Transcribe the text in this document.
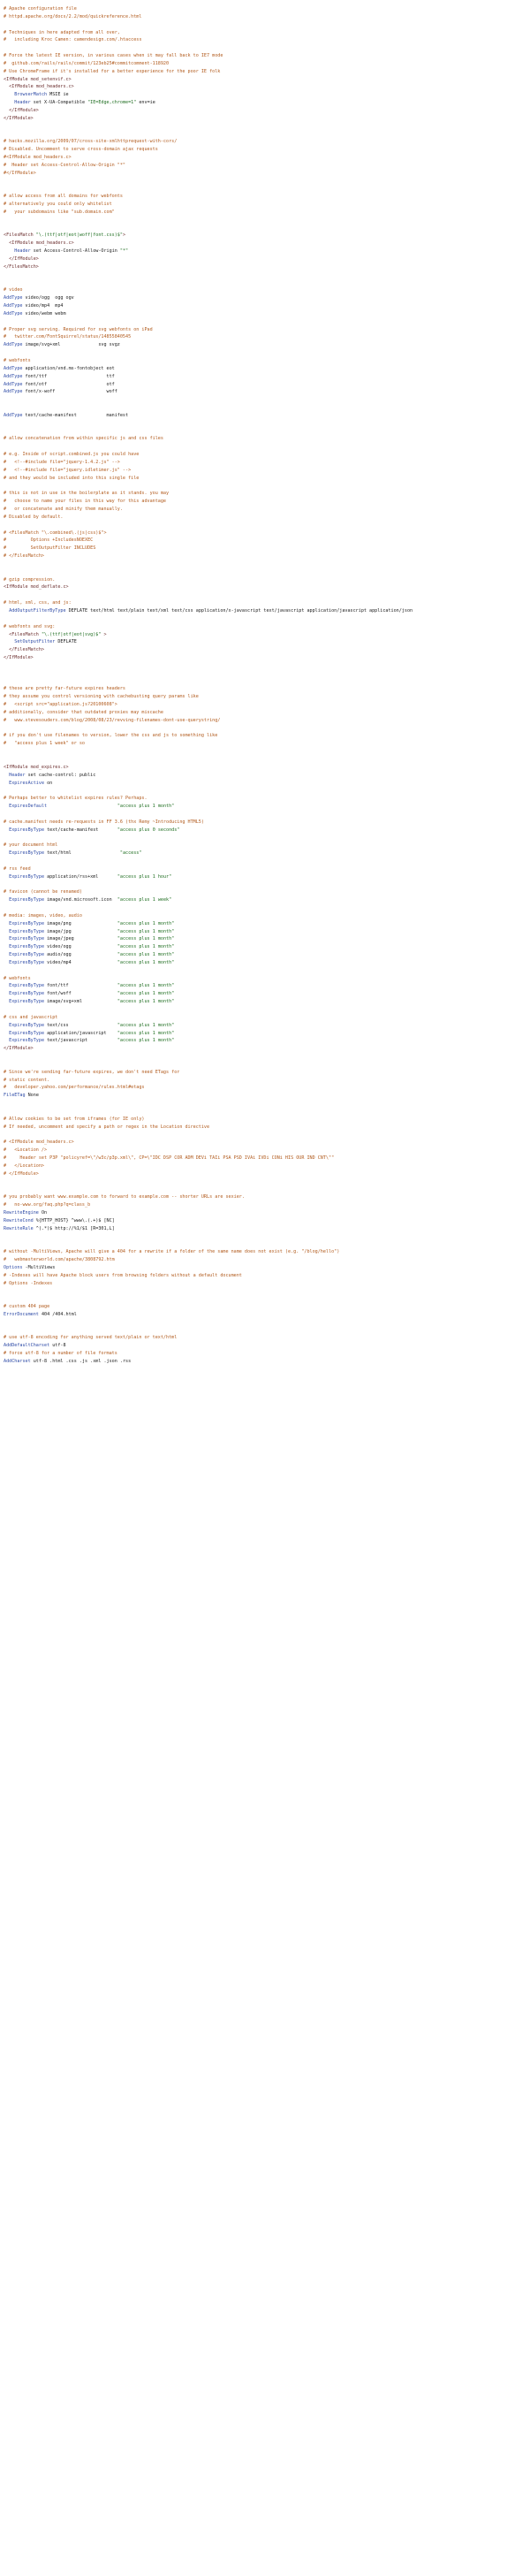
# Apache configuration file
# httpd.apache.org/docs/2.2/mod/quickreference.html
# Techniques in here adapted from all over,
#   including Kroc Camen: camendesign.com/.htaccess
# Force the latest IE version, in various cases when it may fall back to IE7 mode
#  github.com/rails/rails/commit/123eb25#commitcomment-118920
# Use ChromeFrame if it's installed for a better experience for the poor IE folk
<IfModule mod_setenvif.c>
<IfModule mod_headers.c>
BrowserMatch MSIE ie
Header set X-UA-Compatible "IE=Edge,chrome=1" env=ie
</IfModule>
</IfModule>
# hacks.mozilla.org/2009/07/cross-site-xmlhttprequest-with-cors/
# Disabled. Uncomment to serve cross-domain ajax requests
#<IfModule mod_headers.c>
#  Header set Access-Control-Allow-Origin "*"
#</IfModule>
# allow access from all domains for webfonts
# alternatively you could only whitelist
#   your subdomains like "sub.domain.com"
<FilesMatch "\.(ttf|otf|eot|woff|font.css)$">
<IfModule mod_headers.c>
Header set Access-Control-Allow-Origin "*"
</IfModule>
</FilesMatch>
# video
AddType video/ogg  ogg ogv
AddType video/mp4  mp4
AddType video/webm webm
# Proper svg serving. Required for svg webfonts on iPad
#   twitter.com/FontSquirrel/status/14855840545
AddType image/svg+xml              svg svgz
# webfonts
AddType application/vnd.ms-fontobject eot
AddType font/ttf                      ttf
AddType font/otf                      otf
AddType font/x-woff                   woff
AddType text/cache-manifest           manifest
# allow concatenation from within specific js and css files
# e.g. Inside of script.combined.js you could have
#   <!--#include file="jquery-1.4.2.js" -->
#   <!--#include file="jquery.idletimer.js" -->
# and they would be included into this single file
# this is not in use in the boilerplate as it stands. you may
#   choose to name your files in this way for this advantage
#   or concatenate and minify them manually.
# Disabled by default.
# <FilesMatch "\.combined\.(js|css)$">
#         Options +IncludesNOEXEC
#         SetOutputFilter INCLUDES
# </FilesMatch>
# gzip compression.
<IfModule mod_deflate.c>
# html, xml, css, and js:
AddOutputFilterByType DEFLATE text/html text/plain text/xml text/css application/x-javascript text/javascript application/javascript application/json
# webfonts and svg:
<FilesMatch "\.(ttf|otf|eot|svg)$" >
SetOutputFilter DEFLATE
</FilesMatch>
</IfModule>
# these are pretty far-future expires headers
# they assume you control versioning with cachebusting query params like
#   <script src="application.js?20100608">
# additionally, consider that outdated proxies may miscache
#   www.stevesouders.com/blog/2008/08/23/revving-filenames-dont-use-querystring/
# if you don't use filenames to version, lower the css and js to something like
#   "access plus 1 week" or so
<IfModule mod_expires.c>
Header set cache-control: public
ExpiresActive on
# Perhaps better to whitelist expires rules? Perhaps.
ExpiresDefault	"access plus 1 month"
# cache.manifest needs re-requests in FF 3.6 (thx Remy ~Introducing HTML5)
ExpiresByType text/cache-manifest       "access plus 0 seconds"
# your document html
ExpiresByType text/html                  "access"
# rss feed
ExpiresByType application/rss+xml       "access plus 1 hour"
# favicon (cannot be renamed)
ExpiresByType image/vnd.microsoft.icon  "access plus 1 week"
# media: images, video, audio
ExpiresByType image/png                 "access plus 1 month"
ExpiresByType image/jpg                 "access plus 1 month"
ExpiresByType image/jpeg                "access plus 1 month"
ExpiresByType video/ogg                 "access plus 1 month"
ExpiresByType audio/ogg                 "access plus 1 month"
ExpiresByType video/mp4                 "access plus 1 month"
# webfonts
ExpiresByType font/ttf                  "access plus 1 month"
ExpiresByType font/woff                 "access plus 1 month"
ExpiresByType image/svg+xml             "access plus 1 month"
# css and javascript
ExpiresByType text/css                  "access plus 1 month"
ExpiresByType application/javascript    "access plus 1 month"
ExpiresByType text/javascript           "access plus 1 month"
</IfModule>
# Since we're sending far-future expires, we don't need ETags for
# static content.
#   developer.yahoo.com/performance/rules.html#etags
FileETag None
# Allow cookies to be set from iframes (for IE only)
# If needed, uncomment and specify a path or regex in the Location directive
# <IfModule mod_headers.c>
#   <Location />
#     Header set P3P "policyref=\"/w3c/p3p.xml\", CP=\"IDC DSP COR ADM DEVi TAIi PSA PSD IVAi IVDi CONi HIS OUR IND CNT\""
#   </Location>
# </IfModule>
# you probably want www.example.com to forward to example.com -- shorter URLs are sexier.
#   no-www.org/faq.php?q=class_b
RewriteEngine On
RewriteCond %{HTTP_HOST} ^www\.(.+)$ [NC]
RewriteRule ^(.*)$ http://%1/$1 [R=301,L]
# without -MultiViews, Apache will give a 404 for a rewrite if a folder of the same name does not exist (e.g. "/blog/hello")
#   webmasterworld.com/apache/3808792.htm
Options -MultiViews
# -Indexes will have Apache block users from browsing folders without a default document
# Options -Indexes
# custom 404 page
ErrorDocument 404 /404.html
# use utf-8 encoding for anything served text/plain or text/html
AddDefaultCharset utf-8
# force utf-8 for a number of file formats
AddCharset utf-8 .html .css .js .xml .json .rss
